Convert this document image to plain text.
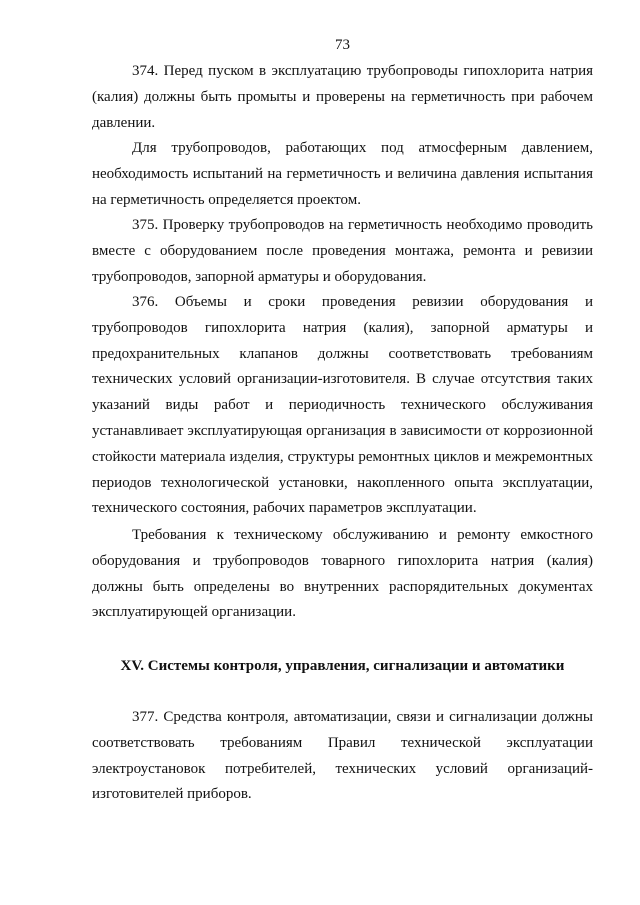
73

374. Перед пуском в эксплуатацию трубопроводы гипохлорита натрия (калия) должны быть промыты и проверены на герметичность при рабочем давлении.

Для трубопроводов, работающих под атмосферным давлением, необходимость испытаний на герметичность и величина давления испытания на герметичность определяется проектом.

375. Проверку трубопроводов на герметичность необходимо проводить вместе с оборудованием после проведения монтажа, ремонта и ревизии трубопроводов, запорной арматуры и оборудования.

376. Объемы и сроки проведения ревизии оборудования и трубопроводов гипохлорита натрия (калия), запорной арматуры и предохранительных клапанов должны соответствовать требованиям технических условий организации-изготовителя. В случае отсутствия таких указаний виды работ и периодичность технического обслуживания устанавливает эксплуатирующая организация в зависимости от коррозионной стойкости материала изделия, структуры ремонтных циклов и межремонтных периодов технологической установки, накопленного опыта эксплуатации, технического состояния, рабочих параметров эксплуатации.

Требования к техническому обслуживанию и ремонту емкостного оборудования и трубопроводов товарного гипохлорита натрия (калия) должны быть определены во внутренних распорядительных документах эксплуатирующей организации.

XV. Системы контроля, управления, сигнализации и автоматики

377. Средства контроля, автоматизации, связи и сигнализации должны соответствовать требованиям Правил технической эксплуатации электроустановок потребителей, технических условий организаций-изготовителей приборов.
